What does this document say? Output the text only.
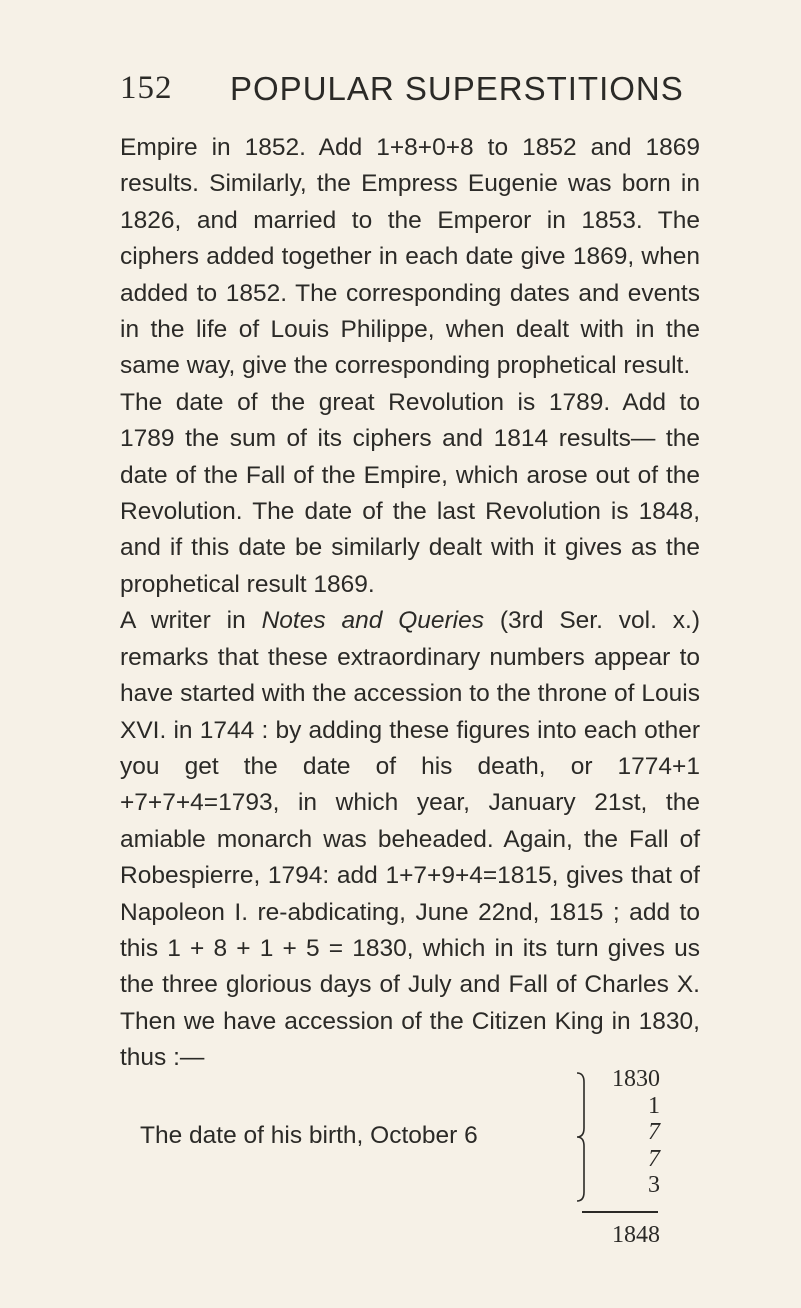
152 POPULAR SUPERSTITIONS

Empire in 1852. Add 1+8+0+8 to 1852 and 1869 results. Similarly, the Empress Eugenie was born in 1826, and married to the Emperor in 1853. The ciphers added together in each date give 1869, when added to 1852. The corresponding dates and events in the life of Louis Philippe, when dealt with in the same way, give the corresponding prophetical result.

The date of the great Revolution is 1789. Add to 1789 the sum of its ciphers and 1814 results— the date of the Fall of the Empire, which arose out of the Revolution. The date of the last Revolution is 1848, and if this date be similarly dealt with it gives as the prophetical result 1869.

A writer in Notes and Queries (3rd Ser. vol. x.) remarks that these extraordinary numbers appear to have started with the accession to the throne of Louis XVI. in 1744 : by adding these figures into each other you get the date of his death, or 1774+1 +7+7+4=1793, in which year, January 21st, the amiable monarch was beheaded. Again, the Fall of Robespierre, 1794: add 1+7+9+4=1815, gives that of Napoleon I. re-abdicating, June 22nd, 1815 ; add to this 1 + 8 + 1 + 5 = 1830, which in its turn gives us the three glorious days of July and Fall of Charles X. Then we have accession of the Citizen King in 1830, thus :—

The date of his birth, October 6
1830
1
7
7
3
1848
